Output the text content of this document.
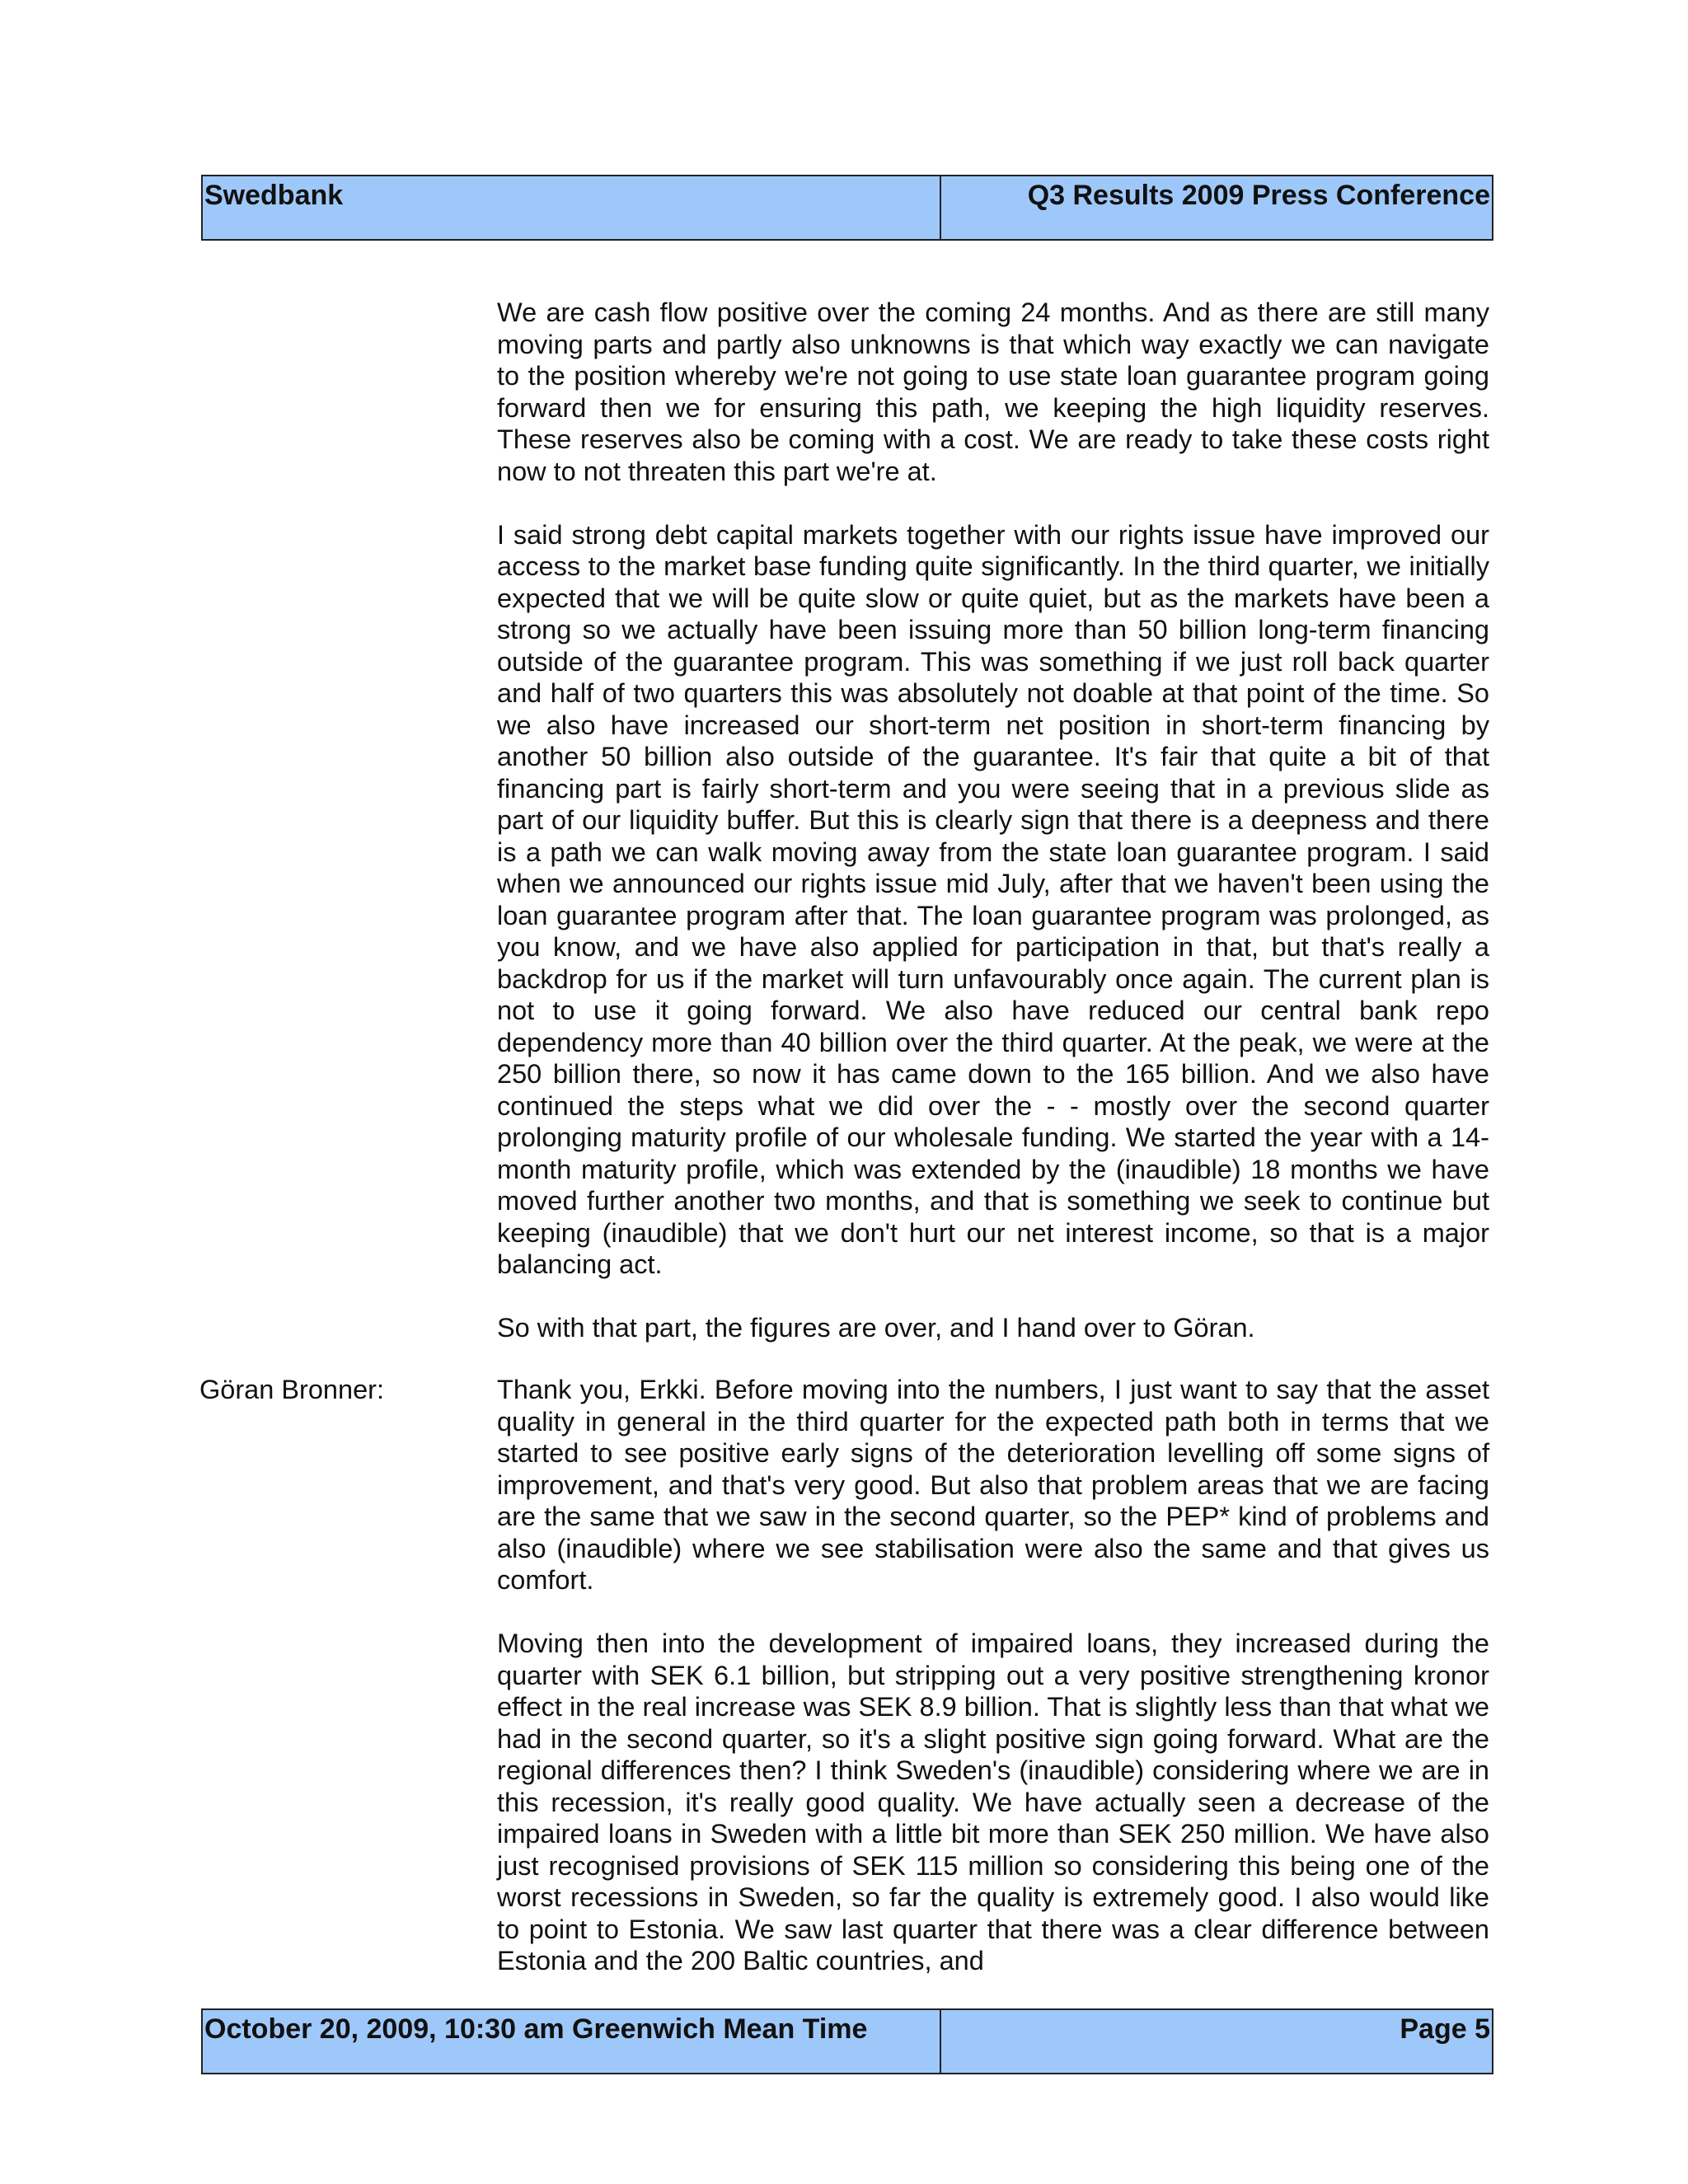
Swedbank	Q3 Results 2009 Press Conference

We are cash flow positive over the coming 24 months. And as there are still many moving parts and partly also unknowns is that which way exactly we can navigate to the position whereby we're not going to use state loan guarantee program going forward then we for ensuring this path, we keeping the high liquidity reserves. These reserves also be coming with a cost. We are ready to take these costs right now to not threaten this part we're at.

I said strong debt capital markets together with our rights issue have improved our access to the market base funding quite significantly. In the third quarter, we initially expected that we will be quite slow or quite quiet, but as the markets have been a strong so we actually have been issuing more than 50 billion long-term financing outside of the guarantee program. This was something if we just roll back quarter and half of two quarters this was absolutely not doable at that point of the time. So we also have increased our short-term net position in short-term financing by another 50 billion also outside of the guarantee. It's fair that quite a bit of that financing part is fairly short-term and you were seeing that in a previous slide as part of our liquidity buffer. But this is clearly sign that there is a deepness and there is a path we can walk moving away from the state loan guarantee program. I said when we announced our rights issue mid July, after that we haven't been using the loan guarantee program after that. The loan guarantee program was prolonged, as you know, and we have also applied for participation in that, but that's really a backdrop for us if the market will turn unfavourably once again. The current plan is not to use it going forward. We also have reduced our central bank repo dependency more than 40 billion over the third quarter. At the peak, we were at the 250 billion there, so now it has came down to the 165 billion. And we also have continued the steps what we did over the - - mostly over the second quarter prolonging maturity profile of our wholesale funding. We started the year with a 14-month maturity profile, which was extended by the (inaudible) 18 months we have moved further another two months, and that is something we seek to continue but keeping (inaudible) that we don't hurt our net interest income, so that is a major balancing act.

So with that part, the figures are over, and I hand over to Göran.

Göran Bronner:	Thank you, Erkki. Before moving into the numbers, I just want to say that the asset quality in general in the third quarter for the expected path both in terms that we started to see positive early signs of the deterioration levelling off some signs of improvement, and that's very good. But also that problem areas that we are facing are the same that we saw in the second quarter, so the PEP* kind of problems and also (inaudible) where we see stabilisation were also the same and that gives us comfort.

Moving then into the development of impaired loans, they increased during the quarter with SEK 6.1 billion, but stripping out a very positive strengthening kronor effect in the real increase was SEK 8.9 billion. That is slightly less than that what we had in the second quarter, so it's a slight positive sign going forward. What are the regional differences then? I think Sweden's (inaudible) considering where we are in this recession, it's really good quality. We have actually seen a decrease of the impaired loans in Sweden with a little bit more than SEK 250 million. We have also just recognised provisions of SEK 115 million so considering this being one of the worst recessions in Sweden, so far the quality is extremely good. I also would like to point to Estonia. We saw last quarter that there was a clear difference between Estonia and the 200 Baltic countries, and

October 20, 2009, 10:30 am Greenwich Mean Time	Page 5
